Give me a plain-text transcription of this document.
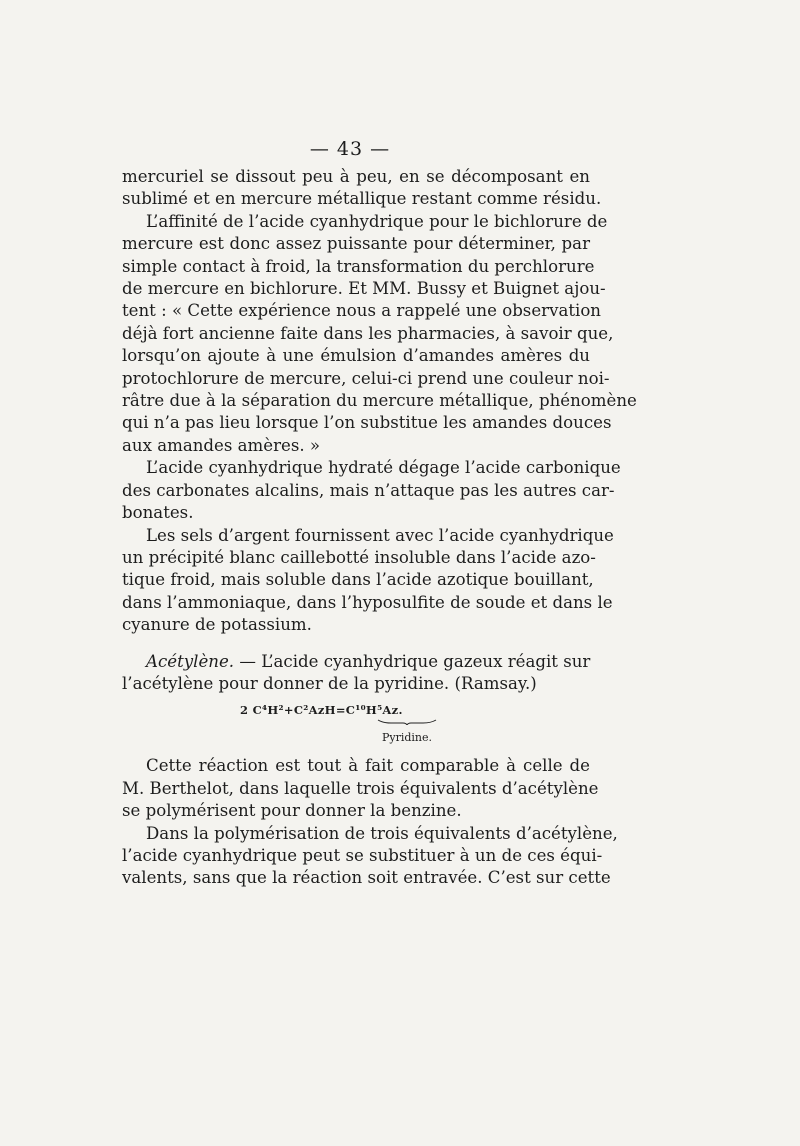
— 43 —
mercuriel se dissout peu à peu, en se décomposant en
sublimé et en mercure métallique restant comme résidu.
L’affinité de l’acide cyanhydrique pour le bichlorure de
mercure est donc assez puissante pour déterminer, par
simple contact à froid, la transformation du perchlorure
de mercure en bichlorure. Et MM. Bussy et Buignet ajou-
tent : « Cette expérience nous a rappelé une observation
déjà fort ancienne faite dans les pharmacies, à savoir que,
lorsqu’on ajoute à une émulsion d’amandes amères du
protochlorure de mercure, celui-ci prend une couleur noi-
râtre due à la séparation du mercure métallique, phénomène
qui n’a pas lieu lorsque l’on substitue les amandes douces
aux amandes amères. »
L’acide cyanhydrique hydraté dégage l’acide carbonique
des carbonates alcalins, mais n’attaque pas les autres car-
bonates.
Les sels d’argent fournissent avec l’acide cyanhydrique
un précipité blanc caillebotté insoluble dans l’acide azo-
tique froid, mais soluble dans l’acide azotique bouillant,
dans l’ammoniaque, dans l’hyposulfite de soude et dans le
cyanure de potassium.
Acétylène. — L’acide cyanhydrique gazeux réagit sur
l’acétylène pour donner de la pyridine. (Ramsay.)
2 C⁴H²+C²AzH=C¹⁰H⁵Az.
Pyridine.
Cette réaction est tout à fait comparable à celle de
M. Berthelot, dans laquelle trois équivalents d’acétylène
se polymérisent pour donner la benzine.
Dans la polymérisation de trois équivalents d’acétylène,
l’acide cyanhydrique peut se substituer à un de ces équi-
valents, sans que la réaction soit entravée. C’est sur cette
